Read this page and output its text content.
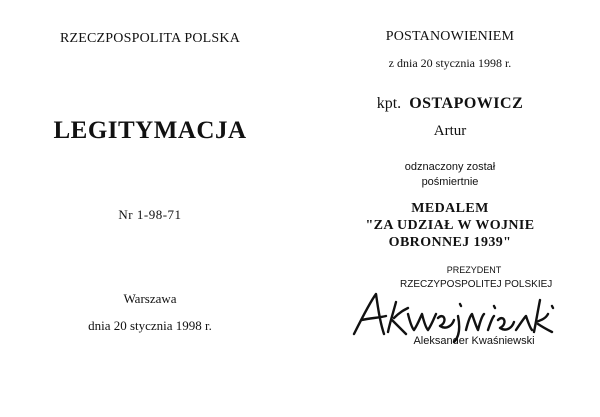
RZECZPOSPOLITA POLSKA
LEGITYMACJA
Nr 1-98-71
Warszawa
dnia 20 stycznia 1998 r.
POSTANOWIENIEM
z dnia 20 stycznia 1998 r.
kpt. OSTAPOWICZ
Artur
odznaczony został
pośmiertnie
MEDALEM
"ZA UDZIAŁ W WOJNIE
OBRONNEJ 1939"
PREZYDENT
RZECZYPOSPOLITEJ POLSKIEJ
Aleksander Kwaśniewski
